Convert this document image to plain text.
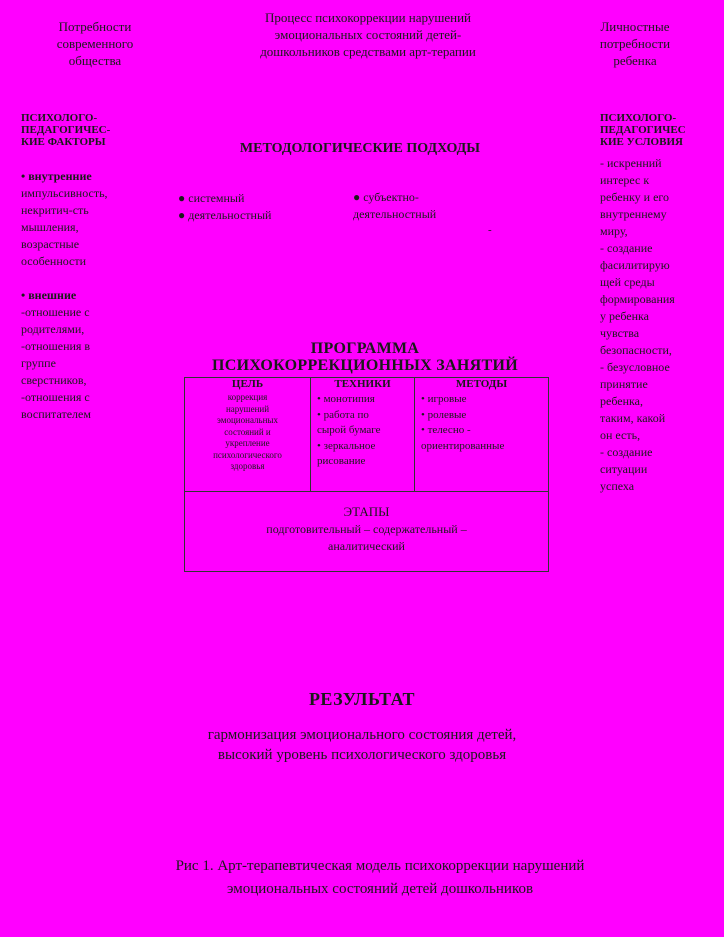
Потребности
современного
общества
Процесс психокоррекции нарушений
эмоциональных состояний детей-
дошкольников средствами арт-терапии
Личностные
потребности
ребенка
ПСИХОЛОГО-
ПЕДАГОГИЧЕС-
КИЕ ФАКТОРЫ
• внутренние
импульсивность,
некритич-сть
мышления,
возрастные
особенности
• внешние
-отношение с
родителями,
-отношения в
группе
сверстников,
-отношения с
воспитателем
ПСИХОЛОГО-
ПЕДАГОГИЧЕС
КИЕ УСЛОВИЯ
- искренний
интерес к
ребенку и его
внутреннему
миру,
- создание
фасилитирую
щей среды
формирования
у ребенка
чувства
безопасности,
- безусловное
принятие
ребенка,
таким, какой
он есть,
- создание
ситуации
успеха
МЕТОДОЛОГИЧЕСКИЕ ПОДХОДЫ
● системный
● деятельностный
● субъектно-
деятельностный
-
ПРОГРАММА
ПСИХОКОРРЕКЦИОННЫХ ЗАНЯТИЙ
ЦЕЛЬ
коррекция
нарушений
эмоциональных
состояний и
укрепление
психологического
здоровья
ТЕХНИКИ
• монотипия
• работа по
сырой бумаге
• зеркальное
рисование
МЕТОДЫ
• игровые
• ролевые
• телесно -
ориентированные
ЭТАПЫ
подготовительный – содержательный –
аналитический
РЕЗУЛЬТАТ
гармонизация эмоционального состояния детей,
высокий уровень психологического здоровья
Рис 1. Арт-терапевтическая модель психокоррекции нарушений
эмоциональных состояний детей дошкольников
